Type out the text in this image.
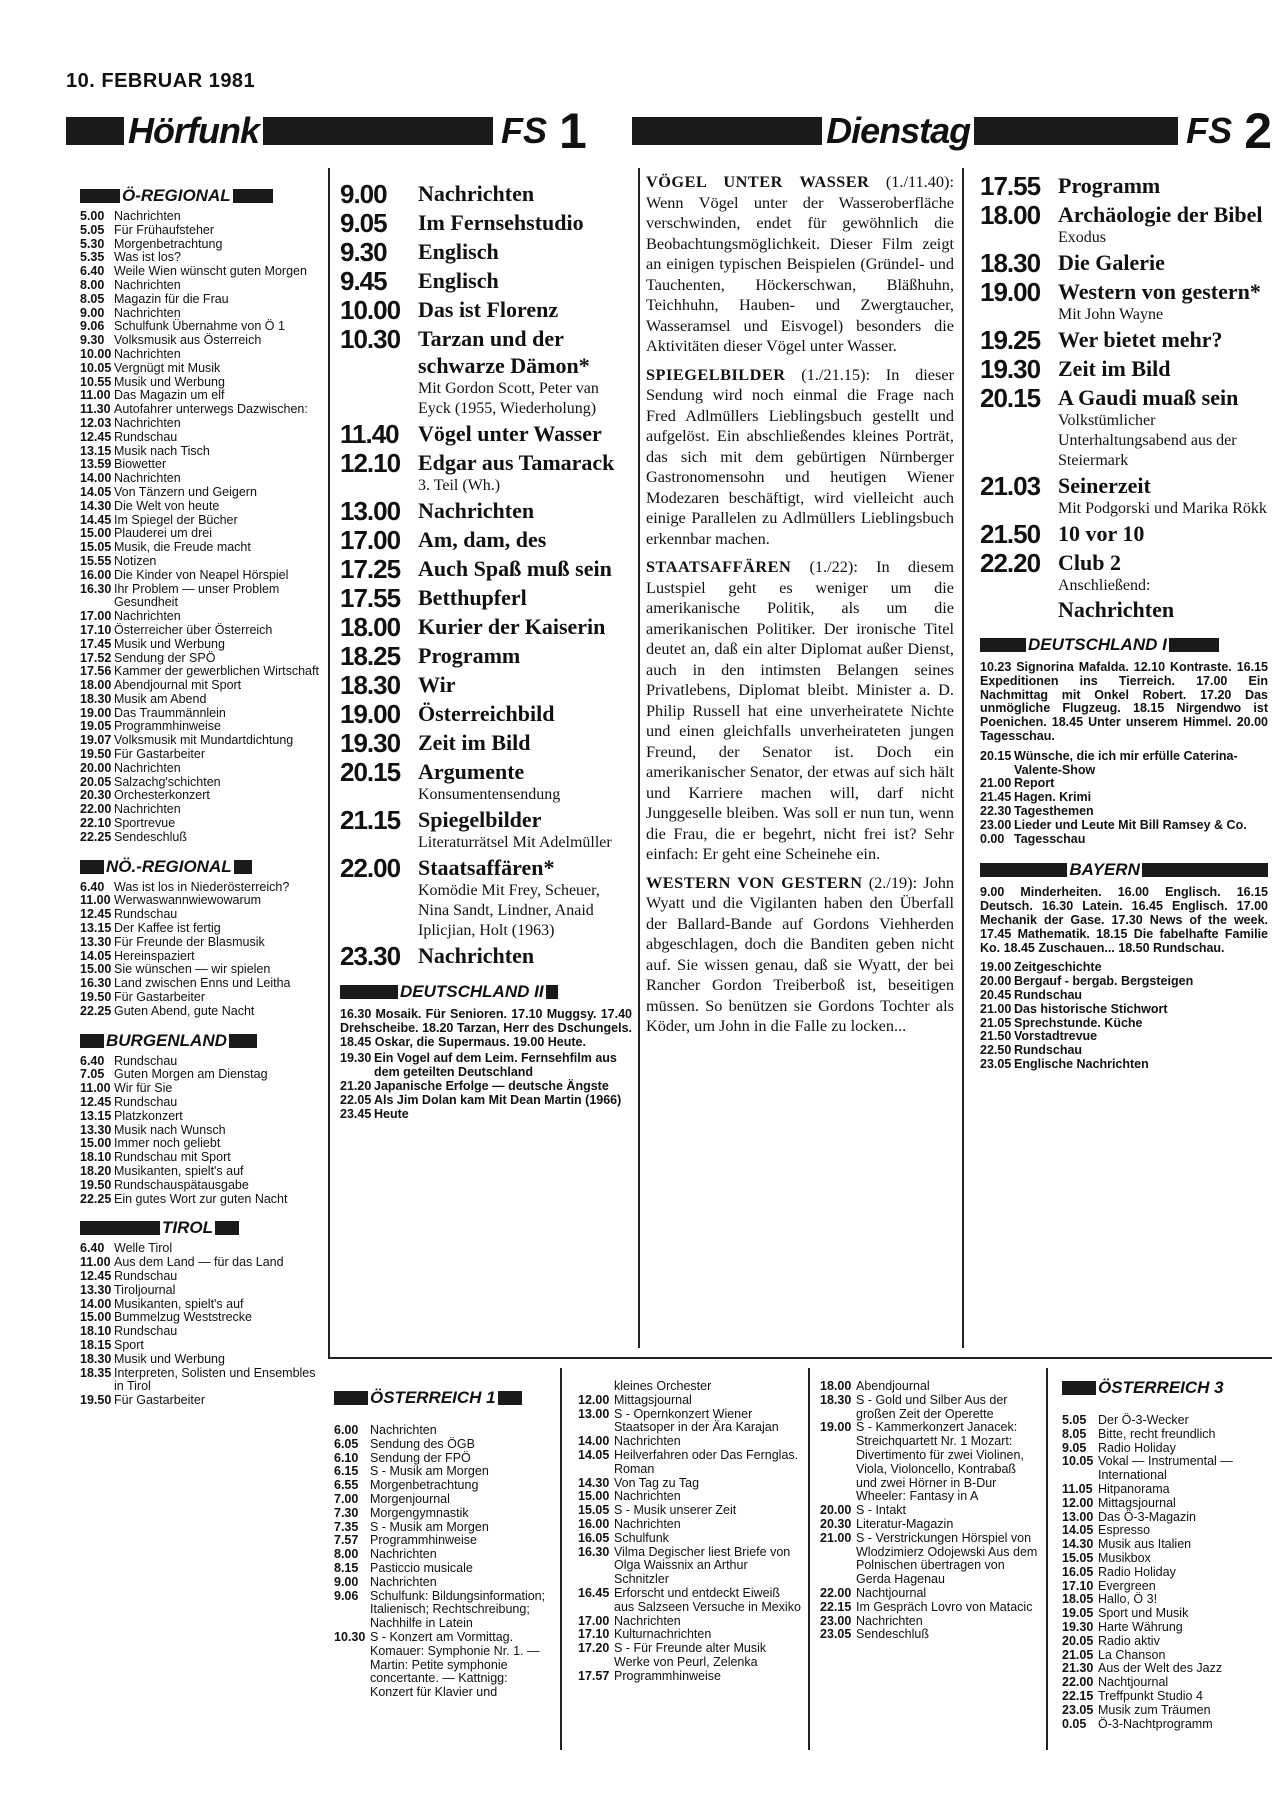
10. FEBRUAR 1981
Hörfunk	FS 1	Dienstag	FS 2
Ö-REGIONAL
5.00 Nachrichten
5.05 Für Frühaufsteher
5.30 Morgenbetrachtung
5.35 Was ist los?
6.40 Weile Wien wünscht guten Morgen
8.00 Nachrichten
8.05 Magazin für die Frau
9.00 Nachrichten
9.06 Schulfunk Übernahme von Ö 1
9.30 Volksmusik aus Österreich
10.00 Nachrichten
10.05 Vergnügt mit Musik
10.55 Musik und Werbung
11.00 Das Magazin um elf
11.30 Autofahrer unterwegs Dazwischen:
12.03 Nachrichten
12.45 Rundschau
13.15 Musik nach Tisch
13.59 Biowetter
14.00 Nachrichten
14.05 Von Tänzern und Geigern
14.30 Die Welt von heute
14.45 Im Spiegel der Bücher
15.00 Plauderei um drei
15.05 Musik, die Freude macht
15.55 Notizen
16.00 Die Kinder von Neapel Hörspiel
16.30 Ihr Problem — unser Problem Gesundheit
17.00 Nachrichten
17.10 Österreicher über Österreich
17.45 Musik und Werbung
17.52 Sendung der SPÖ
17.56 Kammer der gewerblichen Wirtschaft
18.00 Abendjournal mit Sport
18.30 Musik am Abend
19.00 Das Traummännlein
19.05 Programmhinweise
19.07 Volksmusik mit Mundartdichtung
19.50 Für Gastarbeiter
20.00 Nachrichten
20.05 Salzachg'schichten
20.30 Orchesterkonzert
22.00 Nachrichten
22.10 Sportrevue
22.25 Sendeschluß
NÖ.-REGIONAL
6.40 Was ist los in Niederösterreich?
11.00 Werwaswannwiewowarum
12.45 Rundschau
13.15 Der Kaffee ist fertig
13.30 Für Freunde der Blasmusik
14.05 Hereinspaziert
15.00 Sie wünschen — wir spielen
16.30 Land zwischen Enns und Leitha
19.50 Für Gastarbeiter
22.25 Guten Abend, gute Nacht
BURGENLAND
6.40 Rundschau
7.05 Guten Morgen am Dienstag
11.00 Wir für Sie
12.45 Rundschau
13.15 Platzkonzert
13.30 Musik nach Wunsch
15.00 Immer noch geliebt
18.10 Rundschau mit Sport
18.20 Musikanten, spielt's auf
19.50 Rundschauspätausgabe
22.25 Ein gutes Wort zur guten Nacht
TIROL
6.40 Welle Tirol
11.00 Aus dem Land — für das Land
12.45 Rundschau
13.30 Tiroljournal
14.00 Musikanten, spielt's auf
15.00 Bummelzug Weststrecke
18.10 Rundschau
18.15 Sport
18.30 Musik und Werbung
18.35 Interpreten, Solisten und Ensembles in Tirol
19.50 Für Gastarbeiter
9.00	Nachrichten
9.05	Im Fernsehstudio
9.30	Englisch
9.45	Englisch
10.00 Das ist Florenz
10.30 Tarzan und der schwarze Dämon*
Mit Gordon Scott, Peter van Eyck (1955, Wiederholung)
11.40 Vögel unter Wasser
12.10 Edgar aus Tamarack
3. Teil (Wh.)
13.00 Nachrichten
17.00 Am, dam, des
17.25 Auch Spaß muß sein
17.55 Betthupferl
18.00 Kurier der Kaiserin
18.25 Programm
18.30 Wir
19.00 Österreichbild
19.30 Zeit im Bild
20.15 Argumente
Konsumentensendung
21.15 Spiegelbilder
Literaturrätsel Mit Adelmüller
22.00 Staatsaffären*
Komödie Mit Frey, Scheuer, Nina Sandt, Lindner, Anaid Iplicjian, Holt (1963)
23.30 Nachrichten
DEUTSCHLAND II
16.30 Mosaik. Für Senioren. 17.10 Muggsy. 17.40 Drehscheibe. 18.20 Tarzan, Herr des Dschungels. 18.45 Oskar, die Supermaus. 19.00 Heute.
19.30 Ein Vogel auf dem Leim. Fernsehfilm aus dem geteilten Deutschland
21.20 Japanische Erfolge — deutsche Ängste
22.05 Als Jim Dolan kam Mit Dean Martin (1966)
23.45 Heute

VÖGEL UNTER WASSER (1./11.40): Wenn Vögel unter der Wasseroberfläche verschwinden, endet für gewöhnlich die Beobachtungsmöglichkeit. Dieser Film zeigt an einigen typischen Beispielen (Gründel- und Tauchenten, Höckerschwan, Bläßhuhn, Teichhuhn, Hauben- und Zwergtaucher, Wasseramsel und Eisvogel) besonders die Aktivitäten dieser Vögel unter Wasser.

SPIEGELBILDER (1./21.15): In dieser Sendung wird noch einmal die Frage nach Fred Adlmüllers Lieblingsbuch gestellt und aufgelöst. Ein abschließendes kleines Porträt, das sich mit dem gebürtigen Nürnberger Gastronomensohn und heutigen Wiener Modezaren beschäftigt, wird vielleicht auch einige Parallelen zu Adlmüllers Lieblingsbuch erkennbar machen.

STAATSAFFÄREN (1./22): In diesem Lustspiel geht es weniger um die amerikanische Politik, als um die amerikanischen Politiker. Der ironische Titel deutet an, daß ein alter Diplomat außer Dienst, auch in den intimsten Belangen seines Privatlebens, Diplomat bleibt. Minister a. D. Philip Russell hat eine unverheiratete Nichte und einen gleichfalls unverheirateten jungen Freund, der Senator ist. Doch ein amerikanischer Senator, der etwas auf sich hält und Karriere machen will, darf nicht Junggeselle bleiben. Was soll er nun tun, wenn die Frau, die er begehrt, nicht frei ist? Sehr einfach: Er geht eine Scheinehe ein.

WESTERN VON GESTERN (2./19): John Wyatt und die Vigilanten haben den Überfall der Ballard-Bande auf Gordons Viehherden abgeschlagen, doch die Banditen geben nicht auf. Sie wissen genau, daß sie Wyatt, der bei Rancher Gordon Treiberboß ist, beseitigen müssen. So benützen sie Gordons Tochter als Köder, um John in die Falle zu locken...

17.55 Programm
18.00 Archäologie der Bibel
Exodus
18.30 Die Galerie
19.00 Western von gestern*
Mit John Wayne
19.25 Wer bietet mehr?
19.30 Zeit im Bild
20.15 A Gaudi muaß sein
Volkstümlicher Unterhaltungsabend aus der Steiermark
21.03 Seinerzeit
Mit Podgorski und Marika Rökk
21.50 10 vor 10
22.20 Club 2
Anschließend:
Nachrichten
DEUTSCHLAND I
10.23 Signorina Mafalda. 12.10 Kontraste. 16.15 Expeditionen ins Tierreich. 17.00 Ein Nachmittag mit Onkel Robert. 17.20 Das unmögliche Flugzeug. 18.15 Nirgendwo ist Poenichen. 18.45 Unter unserem Himmel. 20.00 Tagesschau.
20.15 Wünsche, die ich mir erfülle Caterina-Valente-Show
21.00 Report
21.45 Hagen. Krimi
22.30 Tagesthemen
23.00 Lieder und Leute Mit Bill Ramsey & Co.
0.00 Tagesschau
BAYERN
9.00 Minderheiten. 16.00 Englisch. 16.15 Deutsch. 16.30 Latein. 16.45 Englisch. 17.00 Mechanik der Gase. 17.30 News of the week. 17.45 Mathematik. 18.15 Die fabelhafte Familie Ko. 18.45 Zuschauen... 18.50 Rundschau.
19.00 Zeitgeschichte
20.00 Bergauf - bergab. Bergsteigen
20.45 Rundschau
21.00 Das historische Stichwort
21.05 Sprechstunde. Küche
21.50 Vorstadtrevue
22.50 Rundschau
23.05 Englische Nachrichten
ÖSTERREICH 1
6.00 Nachrichten
6.05 Sendung des ÖGB
6.10 Sendung der FPÖ
6.15 S - Musik am Morgen
6.55 Morgenbetrachtung
7.00 Morgenjournal
7.30 Morgengymnastik
7.35 S - Musik am Morgen
7.57 Programmhinweise
8.00 Nachrichten
8.15 Pasticcio musicale
9.00 Nachrichten
9.06 Schulfunk: Bildungsinformation; Italienisch; Rechtschreibung; Nachhilfe in Latein
10.30 S - Konzert am Vormittag. Komauer: Symphonie Nr. 1. — Martin: Petite symphonie concertante. — Kattnigg: Konzert für Klavier und
kleines Orchester
12.00 Mittagsjournal
13.00 S - Opernkonzert Wiener Staatsoper in der Ära Karajan
14.00 Nachrichten
14.05 Heilverfahren oder Das Fernglas. Roman
14.30 Von Tag zu Tag
15.00 Nachrichten
15.05 S - Musik unserer Zeit
16.00 Nachrichten
16.05 Schulfunk
16.30 Vilma Degischer liest Briefe von Olga Waissnix an Arthur Schnitzler
16.45 Erforscht und entdeckt Eiweiß aus Salzseen Versuche in Mexiko
17.00 Nachrichten
17.10 Kulturnachrichten
17.20 S - Für Freunde alter Musik Werke von Peurl, Zelenka
17.57 Programmhinweise
18.00 Abendjournal
18.30 S - Gold und Silber Aus der großen Zeit der Operette
19.00 S - Kammerkonzert Janacek: Streichquartett Nr. 1 Mozart: Divertimento für zwei Violinen, Viola, Violoncello, Kontrabaß und zwei Hörner in B-Dur Wheeler: Fantasy in A
20.00 S - Intakt
20.30 Literatur-Magazin
21.00 S - Verstrickungen Hörspiel von Wlodzimierz Odojewski Aus dem Polnischen übertragen von Gerda Hagenau
22.00 Nachtjournal
22.15 Im Gespräch Lovro von Matacic
23.00 Nachrichten
23.05 Sendeschluß
ÖSTERREICH 3
5.05 Der Ö-3-Wecker
8.05 Bitte, recht freundlich
9.05 Radio Holiday
10.05 Vokal — Instrumental — International
11.05 Hitpanorama
12.00 Mittagsjournal
13.00 Das Ö-3-Magazin
14.05 Espresso
14.30 Musik aus Italien
15.05 Musikbox
16.05 Radio Holiday
17.10 Evergreen
18.05 Hallo, Ö 3!
19.05 Sport und Musik
19.30 Harte Währung
20.05 Radio aktiv
21.05 La Chanson
21.30 Aus der Welt des Jazz
22.00 Nachtjournal
22.15 Treffpunkt Studio 4
23.05 Musik zum Träumen
0.05 Ö-3-Nachtprogramm
